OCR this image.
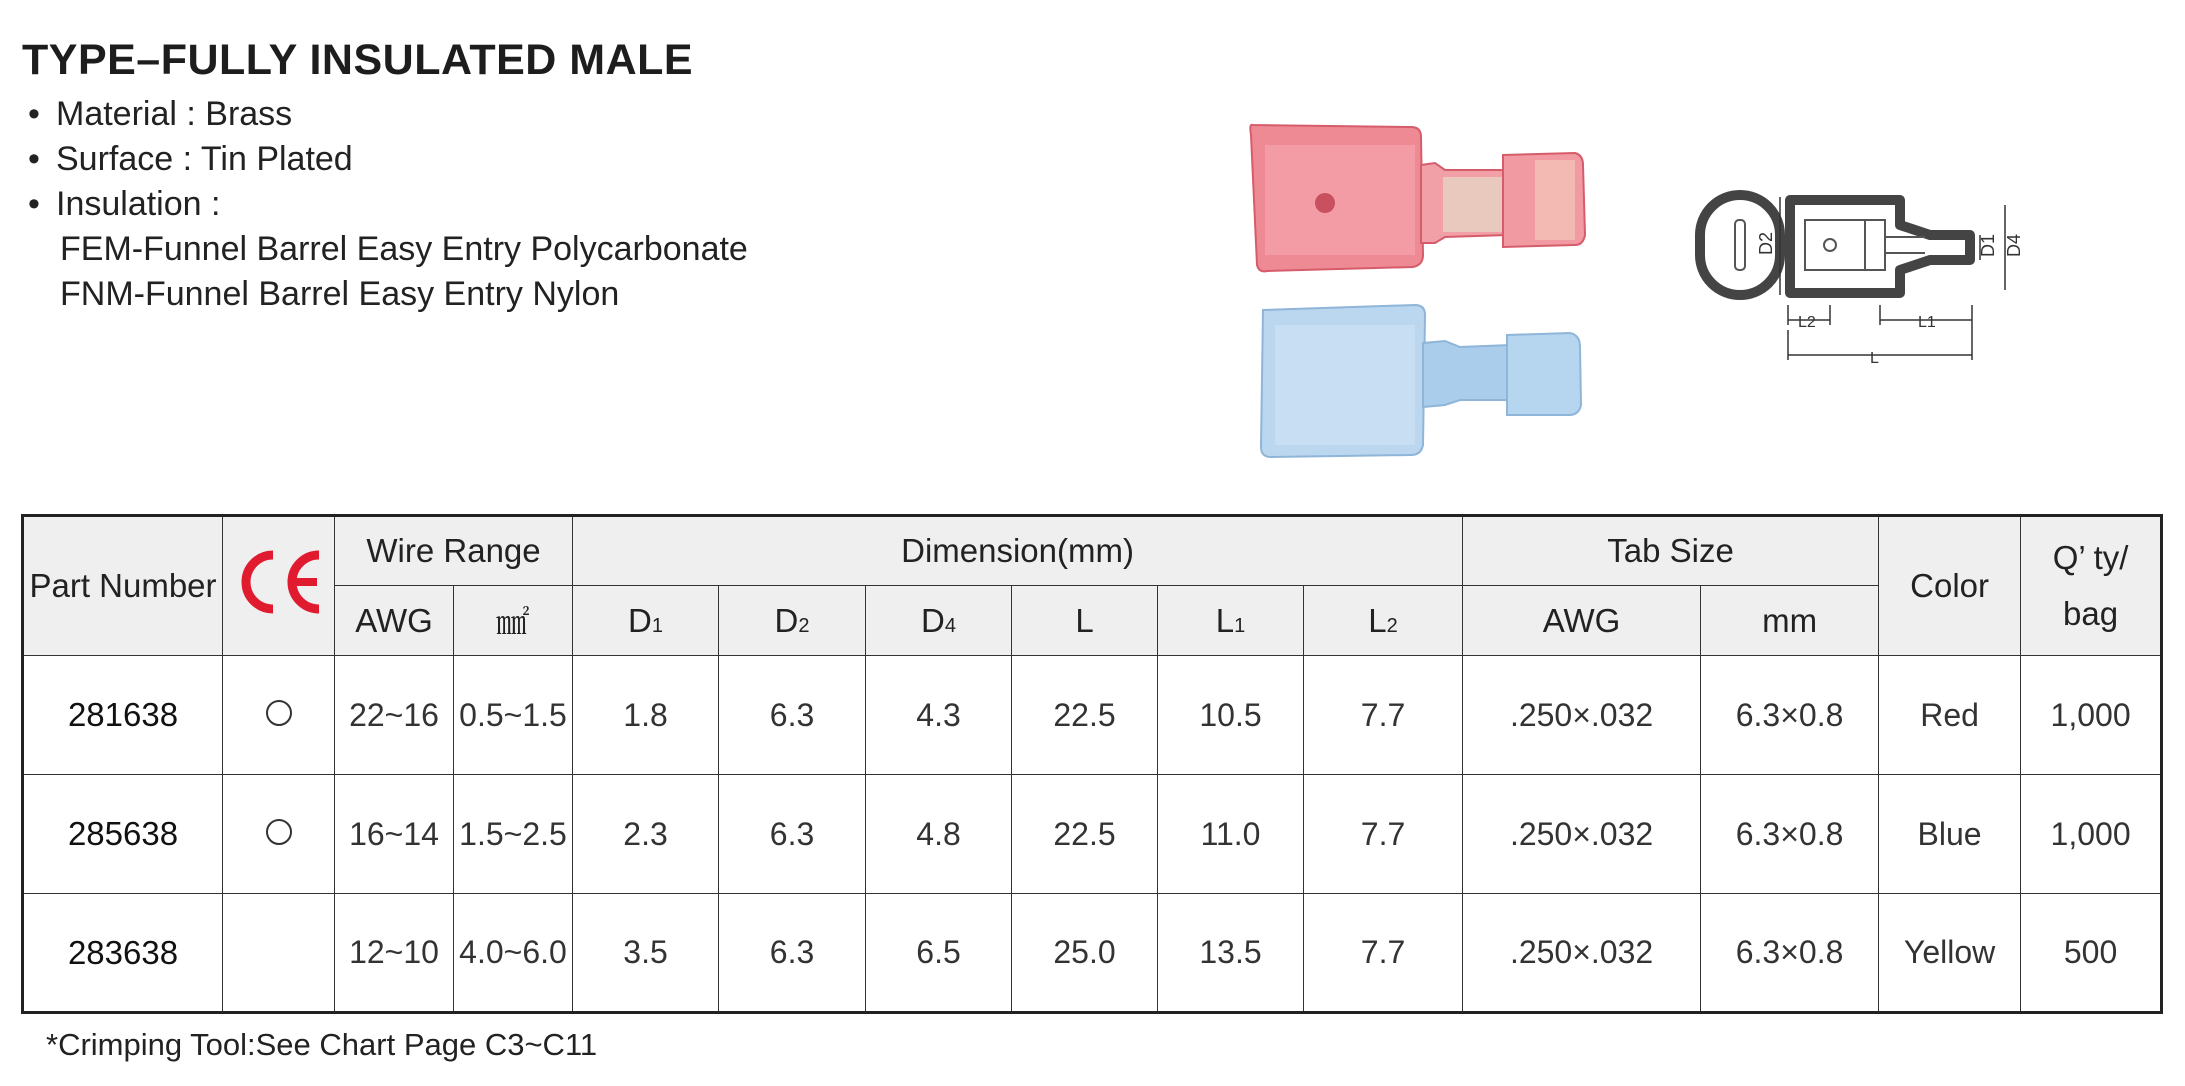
TYPE–FULLY INSULATED MALE
• Material : Brass
• Surface : Tin Plated
• Insulation :
FEM-Funnel Barrel Easy Entry Polycarbonate
FNM-Funnel Barrel Easy Entry Nylon
D2	D1 D4
L2	L1
L
Part Number		Wire Range		Dimension(mm)						Tab Size		Color	Q’ ty/
bag

		AWG	㎟	D1	D2	D4	L	L1	L2	AWG	mm		
281638		22~16	0.5~1.5	1.8	6.3	4.3	22.5	10.5	7.7	.250×.032	6.3×0.8	Red	1,000
285638		16~14	1.5~2.5	2.3	6.3	4.8	22.5	11.0	7.7	.250×.032	6.3×0.8	Blue	1,000
283638		12~10	4.0~6.0	3.5	6.3	6.5	25.0	13.5	7.7	.250×.032	6.3×0.8	Yellow	500
*Crimping Tool:See Chart Page C3~C11
